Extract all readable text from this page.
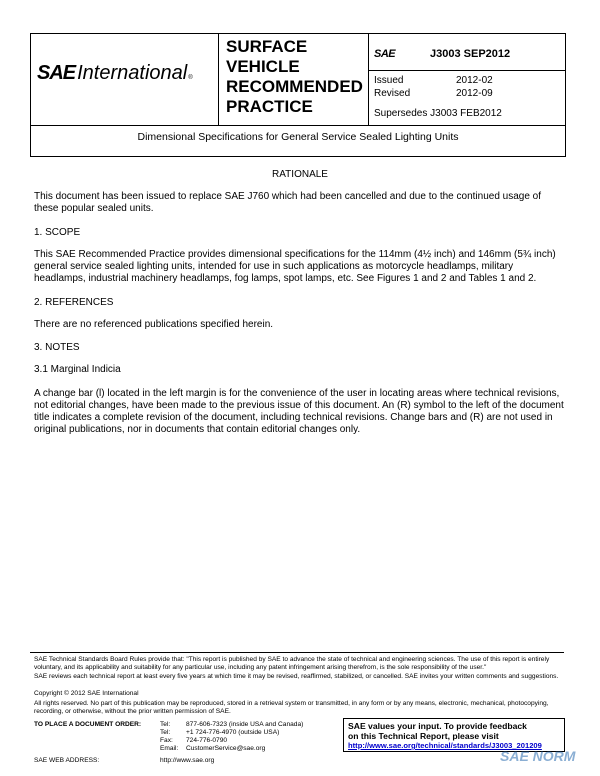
SAE International ®
SURFACE
VEHICLE
RECOMMENDED
PRACTICE
SAE	J3003 SEP2012
Issued	2012-02
Revised	2012-09
Supersedes J3003 FEB2012
Dimensional Specifications for General Service Sealed Lighting Units
RATIONALE
This document has been issued to replace SAE J760 which had been cancelled and due to the continued usage of these popular sealed units.
1. SCOPE
This SAE Recommended Practice provides dimensional specifications for the 114mm (4½ inch) and 146mm (5¾ inch) general service sealed lighting units, intended for use in such applications as motorcycle headlamps, military headlamps, industrial machinery headlamps, fog lamps, spot lamps, etc. See Figures 1 and 2 and Tables 1 and 2.
2. REFERENCES
There are no referenced publications specified herein.
3. NOTES
3.1 Marginal Indicia
A change bar (l) located in the left margin is for the convenience of the user in locating areas where technical revisions, not editorial changes, have been made to the previous issue of this document. An (R) symbol to the left of the document title indicates a complete revision of the document, including technical revisions. Change bars and (R) are not used in original publications, nor in documents that contain editorial changes only.
SAE Technical Standards Board Rules provide that: "This report is published by SAE to advance the state of technical and engineering sciences. The use of this report is entirely voluntary, and its applicability and suitability for any particular use, including any patent infringement arising therefrom, is the sole responsibility of the user."
SAE reviews each technical report at least every five years at which time it may be revised, reaffirmed, stabilized, or cancelled. SAE invites your written comments and suggestions.
Copyright © 2012 SAE International
All rights reserved. No part of this publication may be reproduced, stored in a retrieval system or transmitted, in any form or by any means, electronic, mechanical, photocopying, recording, or otherwise, without the prior written permission of SAE.
TO PLACE A DOCUMENT ORDER:	Tel: 877-606-7323 (inside USA and Canada)
Tel: +1 724-776-4970 (outside USA)
Fax: 724-776-0790
Email: CustomerService@sae.org
SAE WEB ADDRESS:	http://www.sae.org
SAE values your input. To provide feedback
on this Technical Report, please visit
http://www.sae.org/technical/standards/J3003_201209
SAE NORM
